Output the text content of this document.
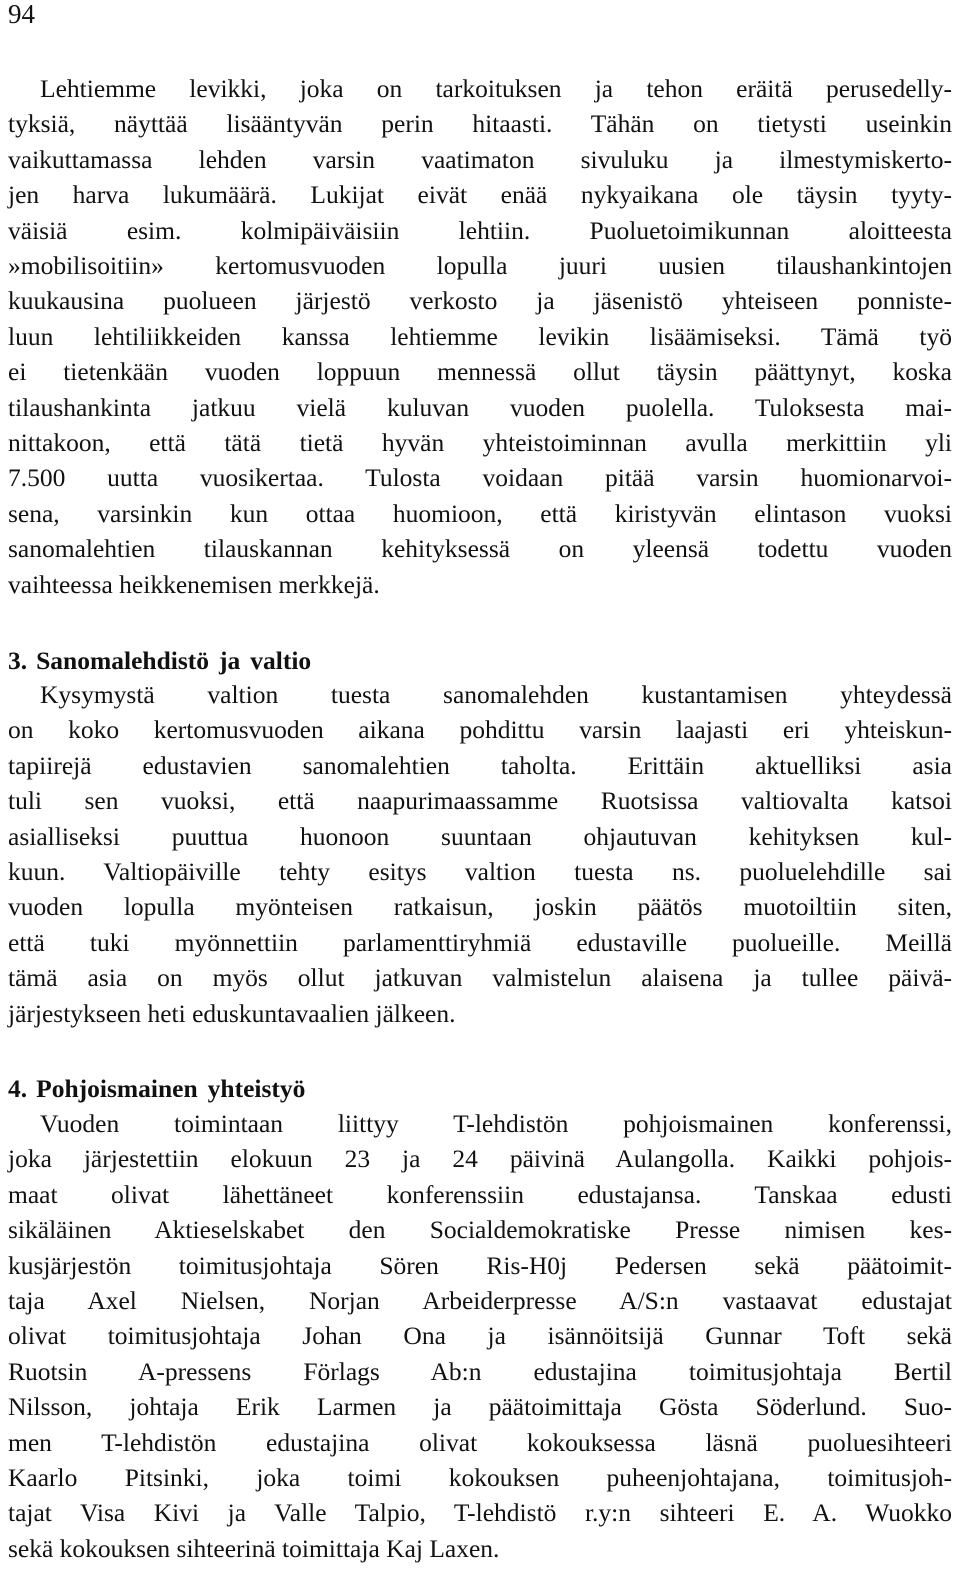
94
Lehtiemme levikki, joka on tarkoituksen ja tehon eräitä perusedelly-
tyksiä, näyttää lisääntyvän perin hitaasti. Tähän on tietysti useinkin
vaikuttamassa lehden varsin vaatimaton sivuluku ja ilmestymiskerto-
jen harva lukumäärä. Lukijat eivät enää nykyaikana ole täysin tyyty-
väisiä esim. kolmipäiväisiin lehtiin. Puoluetoimikunnan aloitteesta
»mobilisoitiin» kertomusvuoden lopulla juuri uusien tilaushankintojen
kuukausina puolueen järjestö verkosto ja jäsenistö yhteiseen ponniste-
luun lehtiliikkeiden kanssa lehtiemme levikin lisäämiseksi. Tämä työ
ei tietenkään vuoden loppuun mennessä ollut täysin päättynyt, koska
tilaushankinta jatkuu vielä kuluvan vuoden puolella. Tuloksesta mai-
nittakoon, että tätä tietä hyvän yhteistoiminnan avulla merkittiin yli
7.500 uutta vuosikertaa. Tulosta voidaan pitää varsin huomionarvoi-
sena, varsinkin kun ottaa huomioon, että kiristyvän elintason vuoksi
sanomalehtien tilauskannan kehityksessä on yleensä todettu vuoden
vaihteessa heikkenemisen merkkejä.
3. Sanomalehdistö ja valtio
Kysymystä valtion tuesta sanomalehden kustantamisen yhteydessä
on koko kertomusvuoden aikana pohdittu varsin laajasti eri yhteiskun-
tapiirejä edustavien sanomalehtien taholta. Erittäin aktuelliksi asia
tuli sen vuoksi, että naapurimaassamme Ruotsissa valtiovalta katsoi
asialliseksi puuttua huonoon suuntaan ohjautuvan kehityksen kul-
kuun. Valtiopäiville tehty esitys valtion tuesta ns. puoluelehdille sai
vuoden lopulla myönteisen ratkaisun, joskin päätös muotoiltiin siten,
että tuki myönnettiin parlamenttiryhmiä edustaville puolueille. Meillä
tämä asia on myös ollut jatkuvan valmistelun alaisena ja tullee päivä-
järjestykseen heti eduskuntavaalien jälkeen.
4. Pohjoismainen yhteistyö
Vuoden toimintaan liittyy T-lehdistön pohjoismainen konferenssi,
joka järjestettiin elokuun 23 ja 24 päivinä Aulangolla. Kaikki pohjois-
maat olivat lähettäneet konferenssiin edustajansa. Tanskaa edusti
sikäläinen Aktieselskabet den Socialdemokratiske Presse nimisen kes-
kusjärjestön toimitusjohtaja Sören Ris-H0j Pedersen sekä päätoimit-
taja Axel Nielsen, Norjan Arbeiderpresse A/S:n vastaavat edustajat
olivat toimitusjohtaja Johan Ona ja isännöitsijä Gunnar Toft sekä
Ruotsin A-pressens Förlags Ab:n edustajina toimitusjohtaja Bertil
Nilsson, johtaja Erik Larmen ja päätoimittaja Gösta Söderlund. Suo-
men T-lehdistön edustajina olivat kokouksessa läsnä puoluesihteeri
Kaarlo Pitsinki, joka toimi kokouksen puheenjohtajana, toimitusjoh-
tajat Visa Kivi ja Valle Talpio, T-lehdistö r.y:n sihteeri E. A. Wuokko
sekä kokouksen sihteerinä toimittaja Kaj Laxen.
